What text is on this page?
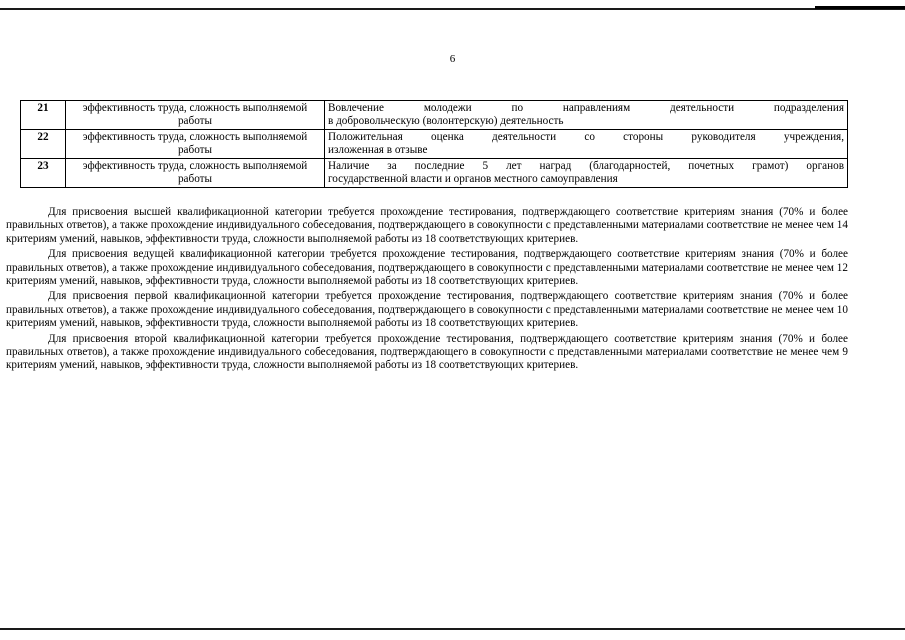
6
21	эффективность труда, сложность выполняемой работы	Вовлечение молодежи по направлениям деятельности подразделения
в добровольческую (волонтерскую) деятельность

22	эффективность труда, сложность выполняемой работы	Положительная оценка деятельности со стороны руководителя учреждения,
изложенная в отзыве

23	эффективность труда, сложность выполняемой работы	Наличие за последние 5 лет наград (благодарностей, почетных грамот) органов
государственной власти и органов местного самоуправления

Для присвоения высшей квалификационной категории требуется прохождение тестирования, подтверждающего соответствие критериям знания (70% и более правильных ответов), а также прохождение индивидуального собеседования, подтверждающего в совокупности с представленными материалами соответствие не менее чем 14 критериям умений, навыков, эффективности труда, сложности выполняемой работы из 18 соответствующих критериев.

Для присвоения ведущей квалификационной категории требуется прохождение тестирования, подтверждающего соответствие критериям знания (70% и более правильных ответов), а также прохождение индивидуального собеседования, подтверждающего в совокупности с представленными материалами соответствие не менее чем 12 критериям умений, навыков, эффективности труда, сложности выполняемой работы из 18 соответствующих критериев.

Для присвоения первой квалификационной категории требуется прохождение тестирования, подтверждающего соответствие критериям знания (70% и более правильных ответов), а также прохождение индивидуального собеседования, подтверждающего в совокупности с представленными материалами соответствие не менее чем 10 критериям умений, навыков, эффективности труда, сложности выполняемой работы из 18 соответствующих критериев.

Для присвоения второй квалификационной категории требуется прохождение тестирования, подтверждающего соответствие критериям знания (70% и более правильных ответов), а также прохождение индивидуального собеседования, подтверждающего в совокупности с представленными материалами соответствие не менее чем 9 критериям умений, навыков, эффективности труда, сложности выполняемой работы из 18 соответствующих критериев.
